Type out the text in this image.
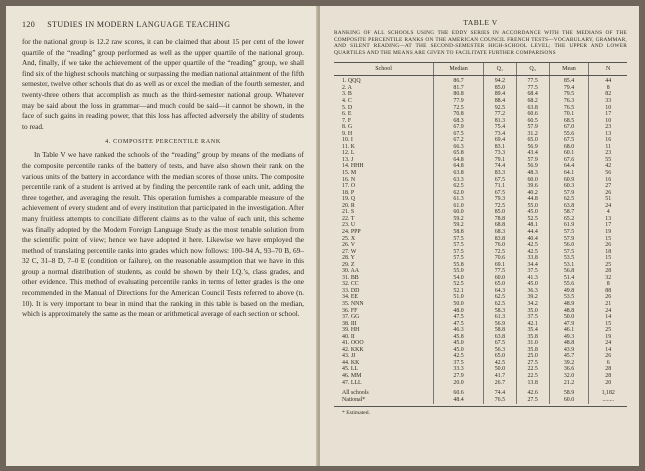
120 STUDIES IN MODERN LANGUAGE TEACHING

for the national group is 12.2 raw scores, it can be claimed that about 15 per cent of the lower quartile of the “reading” group performed as well as the upper quartile of the national group. And, finally, if we take the achievement of the upper quartile of the “reading” group, we shall find six of the highest schools matching or surpassing the median national attainment of the fifth semester, twelve other schools that do as well as or excel the median of the fourth semester, and twenty-three others that accomplish as much as the third-semester national group. Whatever may be said about the loss in grammar—and much could be said—it cannot be shown, in the face of such gains in reading power, that this loss has affected adversely the ability of students to read.

4. COMPOSITE PERCENTILE RANK

In Table V we have ranked the schools of the “reading” group by means of the medians of the composite percentile ranks of the battery of tests, and have also shown their rank on the various units of the battery in accordance with the median scores of those units. The composite percentile rank of a student is arrived at by finding the percentile rank of each unit, adding the three together, and averaging the result. This operation furnishes a comparable measure of the achievement of every student and of every institution that participated in the investigation. After many fruitless attempts to conciliate different claims as to the value of each unit, this scheme was finally adopted by the Modern Foreign Language Study as the most tenable solution from the scientific point of view; hence we have adopted it here. Likewise we have employed the method of translating percentile ranks into grades which now follows: 100–94 A, 93–70 B, 69–32 C, 31–8 D, 7–0 E (condition or failure), on the reasonable assumption that we have in this group a normal distribution of students, as could be shown by their I.Q.’s, class grades, and other evidence. This method of evaluating percentile ranks in terms of letter grades is the one recommended in the Manual of Directions for the American Council Tests referred to above (n. 10). It is very important to bear in mind that the ranking in this table is based on the median, which is approximately the same as the mean or arithmetical average of each section or school.

TABLE V
RANKING OF ALL SCHOOLS USING THE EDDY SERIES IN ACCORDANCE WITH THE MEDIANS OF THE COMPOSITE PERCENTILE RANKS ON THE AMERICAN COUNCIL FRENCH TESTS—VOCABULARY, GRAMMAR, AND SILENT READING—AT THE SECOND-SEMESTER HIGH-SCHOOL LEVEL; THE UPPER AND LOWER QUARTILES AND THE MEANS ARE GIVEN TO FACILITATE FURTHER COMPARISONS
School	Median	Q₁	Q₃	Mean	N
1. QQQ	86.7	94.2	77.5	85.4	44
2. A	81.7	85.0	77.5	79.4	8
3. B	80.8	89.4	68.4	79.5	82
4. C	77.9	88.4	68.2	76.3	33
5. D	72.5	92.5	63.8	76.5	10
6. E	70.8	77.2	60.6	70.1	17
7. F	68.3	81.3	60.5	68.5	10
8. G	67.9	75.4	57.9	67.0	23
9. H	67.5	73.4	31.2	55.6	13
10. I	67.2	69.4	65.0	67.5	16
11. K	66.3	83.1	56.9	68.0	11
12. L	65.8	73.3	43.4	60.1	23
13. J	64.8	79.1	57.9	67.6	55
14. HHH	64.8	74.4	56.9	64.4	42
15. M	63.8	83.3	48.3	64.1	56
16. N	63.3	67.5	60.0	60.9	16
17. O	62.5	71.1	39.6	60.3	27
18. P	62.0	67.5	40.2	57.9	26
19. Q	61.3	79.3	44.8	62.5	51
20. R	61.0	72.5	55.0	63.8	24
21. S	60.0	85.0	45.0	58.7	4
22. T	59.2	78.8	52.5	65.2	13
23. U	59.2	68.8	48.1	61.9	17
24. PPP	58.8	68.3	44.4	57.5	19
25. X	57.5	83.8	40.4	57.9	15
26. V	57.5	76.0	42.5	56.0	26
27. W	57.5	72.5	42.5	57.5	18
28. Y	57.5	70.6	33.8	53.5	15
29. Z	55.8	69.1	34.4	53.1	25
30. AA	55.0	77.5	37.5	56.8	28
31. BB	54.0	60.0	41.3	51.4	32
32. CC	52.5	65.0	45.0	55.6	8
33. DD	52.1	64.3	36.3	49.8	88
34. EE	51.0	62.5	39.2	53.5	26
35. NNN	50.0	62.5	34.2	48.9	21
36. FF	48.0	58.3	35.0	48.8	24
37. GG	47.5	61.3	37.5	50.0	14
38. III	47.5	56.9	42.1	47.9	15
39. HH	46.3	58.8	35.4	46.1	25
40. II	45.8	63.8	35.8	49.3	19
41. OOO	45.0	67.5	31.0	48.8	24
42. KKK	45.0	56.3	35.8	43.9	14
43. JJ	42.5	65.0	25.0	45.7	26
44. KK	37.5	42.5	27.5	39.2	6
45. LL	33.3	50.0	22.5	36.6	28
46. MM	27.9	41.7	22.5	32.0	28
47. LLL	20.0	26.7	13.8	21.2	20
All schools	60.6	74.4	42.6	58.9	1,182
National*	48.4	76.5	27.5	60.0	........
* Estimated.
